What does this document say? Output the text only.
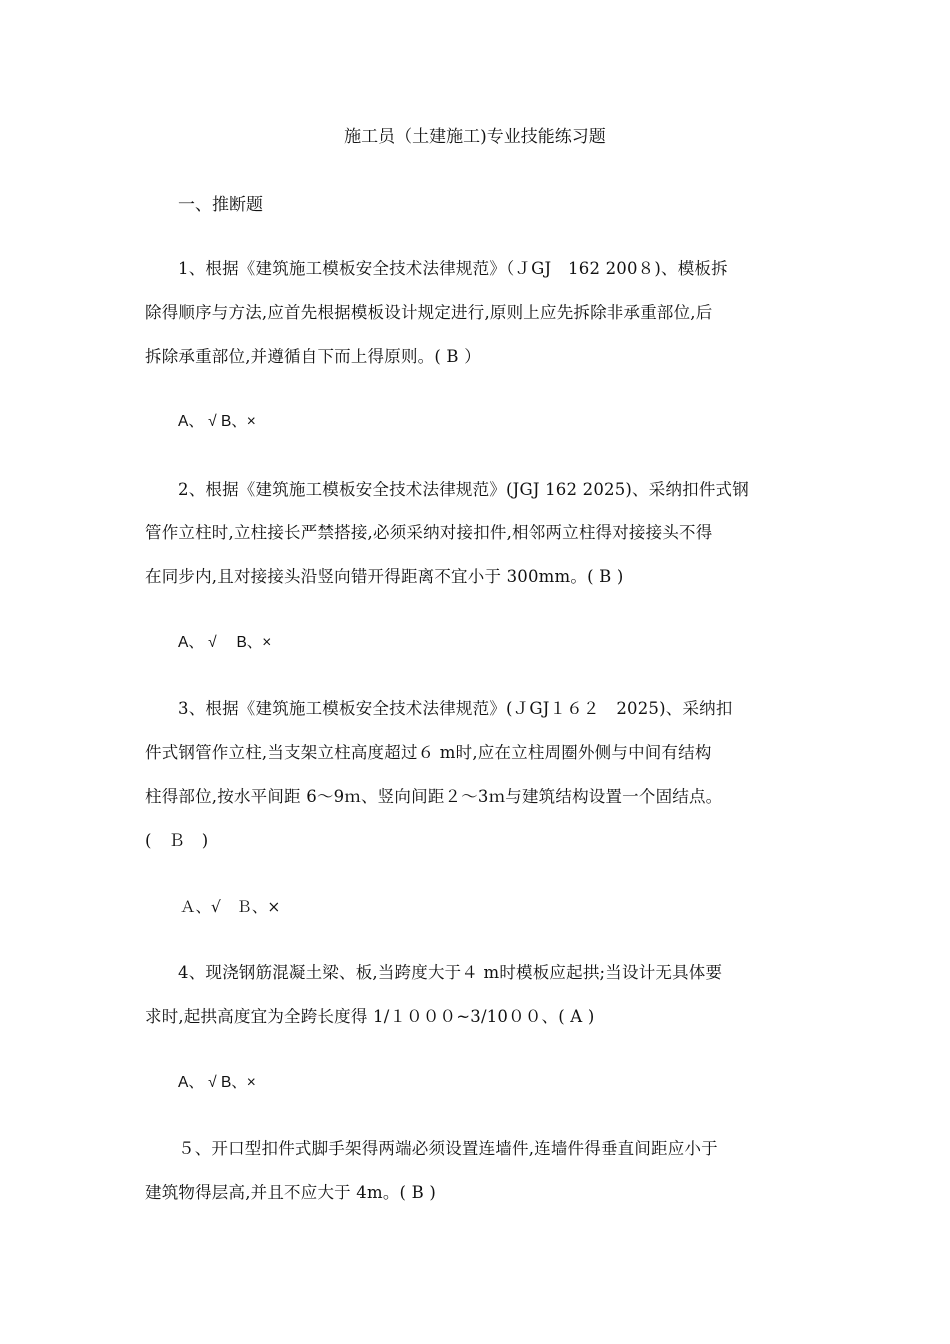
施工员（土建施工)专业技能练习题
一、推断题
1、根据《建筑施工模板安全技术法律规范》（ＪGJ　162 200８)、模板拆
除得顺序与方法,应首先根据模板设计规定进行,原则上应先拆除非承重部位,后
拆除承重部位,并遵循自下而上得原则。( B ）
A、 √ B、×
2、根据《建筑施工模板安全技术法律规范》(JGJ 162 2025)、采纳扣件式钢
管作立柱时,立柱接长严禁搭接,必须采纳对接扣件,相邻两立柱得对接接头不得
在同步内,且对接接头沿竖向错开得距离不宜小于 300mm。( B )
A、 √　 B、×
3、根据《建筑施工模板安全技术法律规范》(ＪGJ１６２　2025)、采纳扣
件式钢管作立柱,当支架立柱高度超过６ m时,应在立柱周圈外侧与中间有结构
柱得部位,按水平间距 6～9ｍ、竖向间距２～3ｍ与建筑结构设置一个固结点。
(　Ｂ　)
Ａ、√　Ｂ、×
4、现浇钢筋混凝土梁、板,当跨度大于４ m时模板应起拱;当设计无具体要
求时,起拱高度宜为全跨长度得 1/１０００~3/10００、( A )
A、 √ B、×
５、开口型扣件式脚手架得两端必须设置连墙件,连墙件得垂直间距应小于
建筑物得层高,并且不应大于 4m。( B )
